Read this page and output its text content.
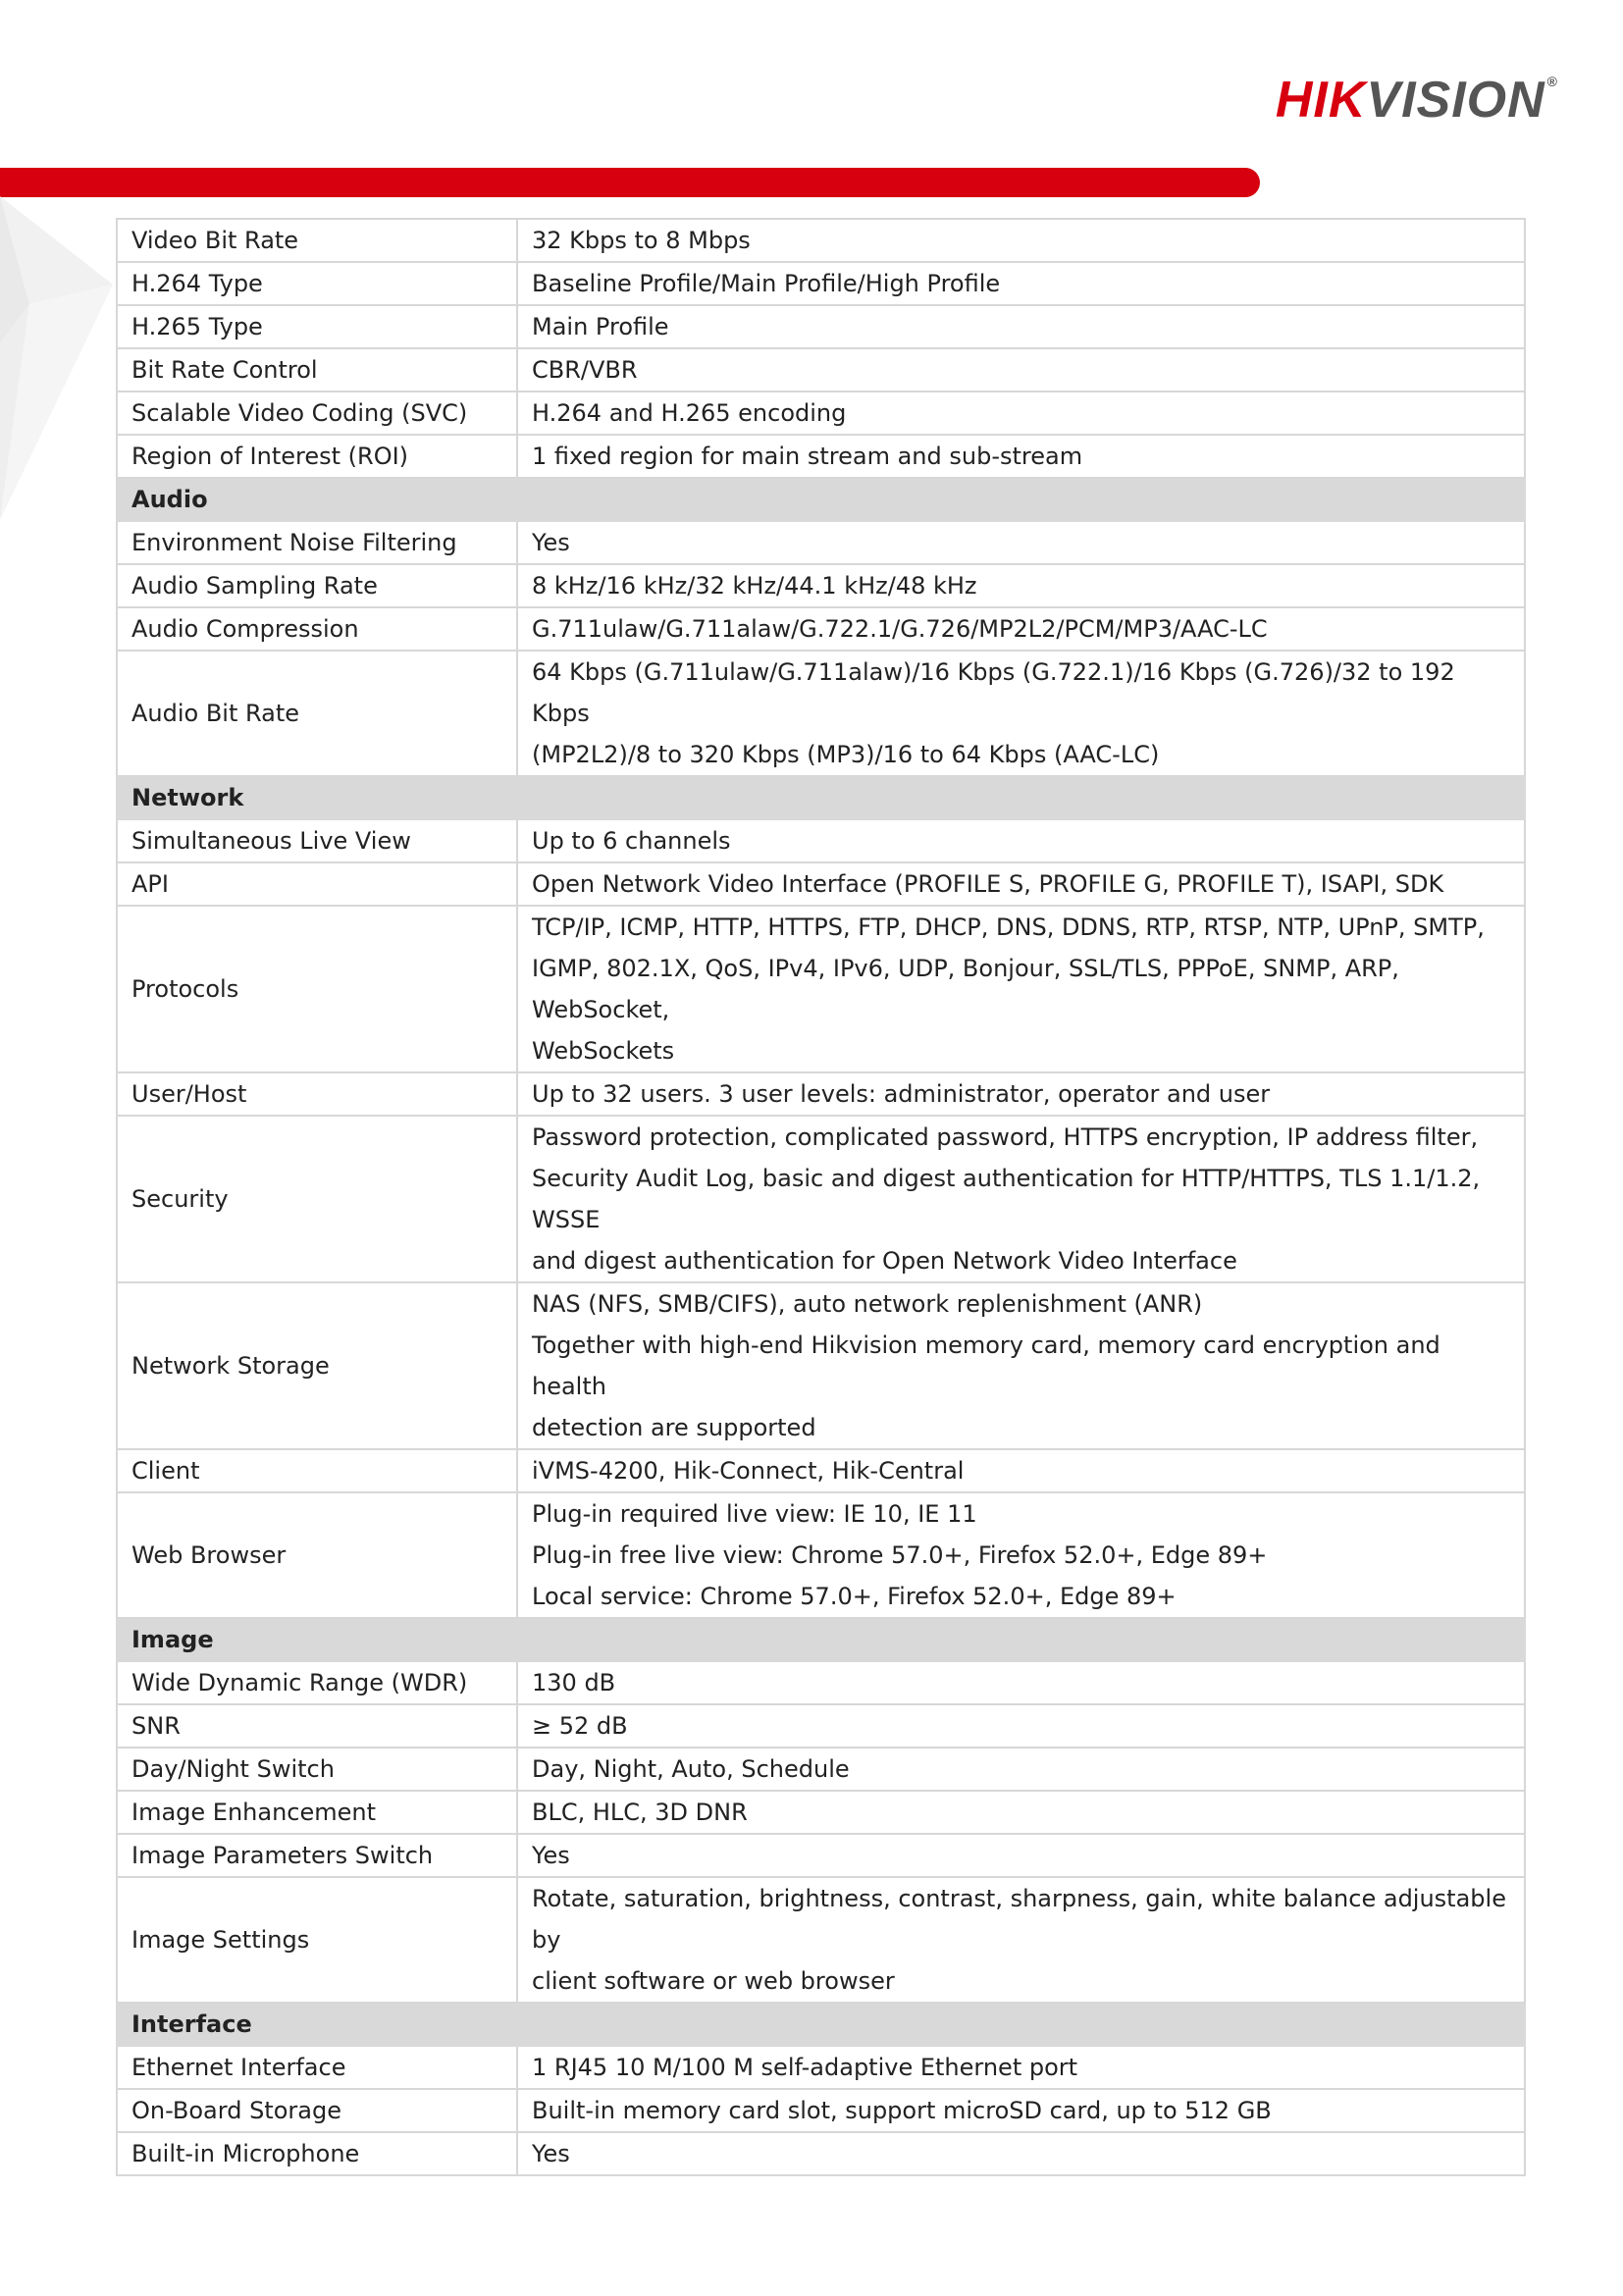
HIKVISION ®
Video Bit Rate	32 Kbps to 8 Mbps

H.264 Type	Baseline Profile/Main Profile/High Profile

H.265 Type	Main Profile

Bit Rate Control	CBR/VBR

Scalable Video Coding (SVC)	H.264 and H.265 encoding

Region of Interest (ROI)	1 fixed region for main stream and sub-stream

Audio	
Environment Noise Filtering	Yes

Audio Sampling Rate	8 kHz/16 kHz/32 kHz/44.1 kHz/48 kHz

Audio Compression	G.711ulaw/G.711alaw/G.722.1/G.726/MP2L2/PCM/MP3/AAC-LC

Audio Bit Rate	64 Kbps (G.711ulaw/G.711alaw)/16 Kbps (G.722.1)/16 Kbps (G.726)/32 to 192 Kbps
(MP2L2)/8 to 320 Kbps (MP3)/16 to 64 Kbps (AAC-LC)

Network	
Simultaneous Live View	Up to 6 channels

API	Open Network Video Interface (PROFILE S, PROFILE G, PROFILE T), ISAPI, SDK

Protocols	TCP/IP, ICMP, HTTP, HTTPS, FTP, DHCP, DNS, DDNS, RTP, RTSP, NTP, UPnP, SMTP,
IGMP, 802.1X, QoS, IPv4, IPv6, UDP, Bonjour, SSL/TLS, PPPoE, SNMP, ARP, WebSocket,
WebSockets

User/Host	Up to 32 users. 3 user levels: administrator, operator and user

Security	Password protection, complicated password, HTTPS encryption, IP address filter,
Security Audit Log, basic and digest authentication for HTTP/HTTPS, TLS 1.1/1.2, WSSE
and digest authentication for Open Network Video Interface

Network Storage	NAS (NFS, SMB/CIFS), auto network replenishment (ANR)
Together with high-end Hikvision memory card, memory card encryption and health
detection are supported

Client	iVMS-4200, Hik-Connect, Hik-Central

Web Browser	Plug-in required live view: IE 10, IE 11
Plug-in free live view: Chrome 57.0+, Firefox 52.0+, Edge 89+
Local service: Chrome 57.0+, Firefox 52.0+, Edge 89+

Image	
Wide Dynamic Range (WDR)	130 dB

SNR	≥ 52 dB

Day/Night Switch	Day, Night, Auto, Schedule

Image Enhancement	BLC, HLC, 3D DNR

Image Parameters Switch	Yes

Image Settings	Rotate, saturation, brightness, contrast, sharpness, gain, white balance adjustable by
client software or web browser

Interface	
Ethernet Interface	1 RJ45 10 M/100 M self-adaptive Ethernet port

On-Board Storage	Built-in memory card slot, support microSD card, up to 512 GB

Built-in Microphone	Yes
